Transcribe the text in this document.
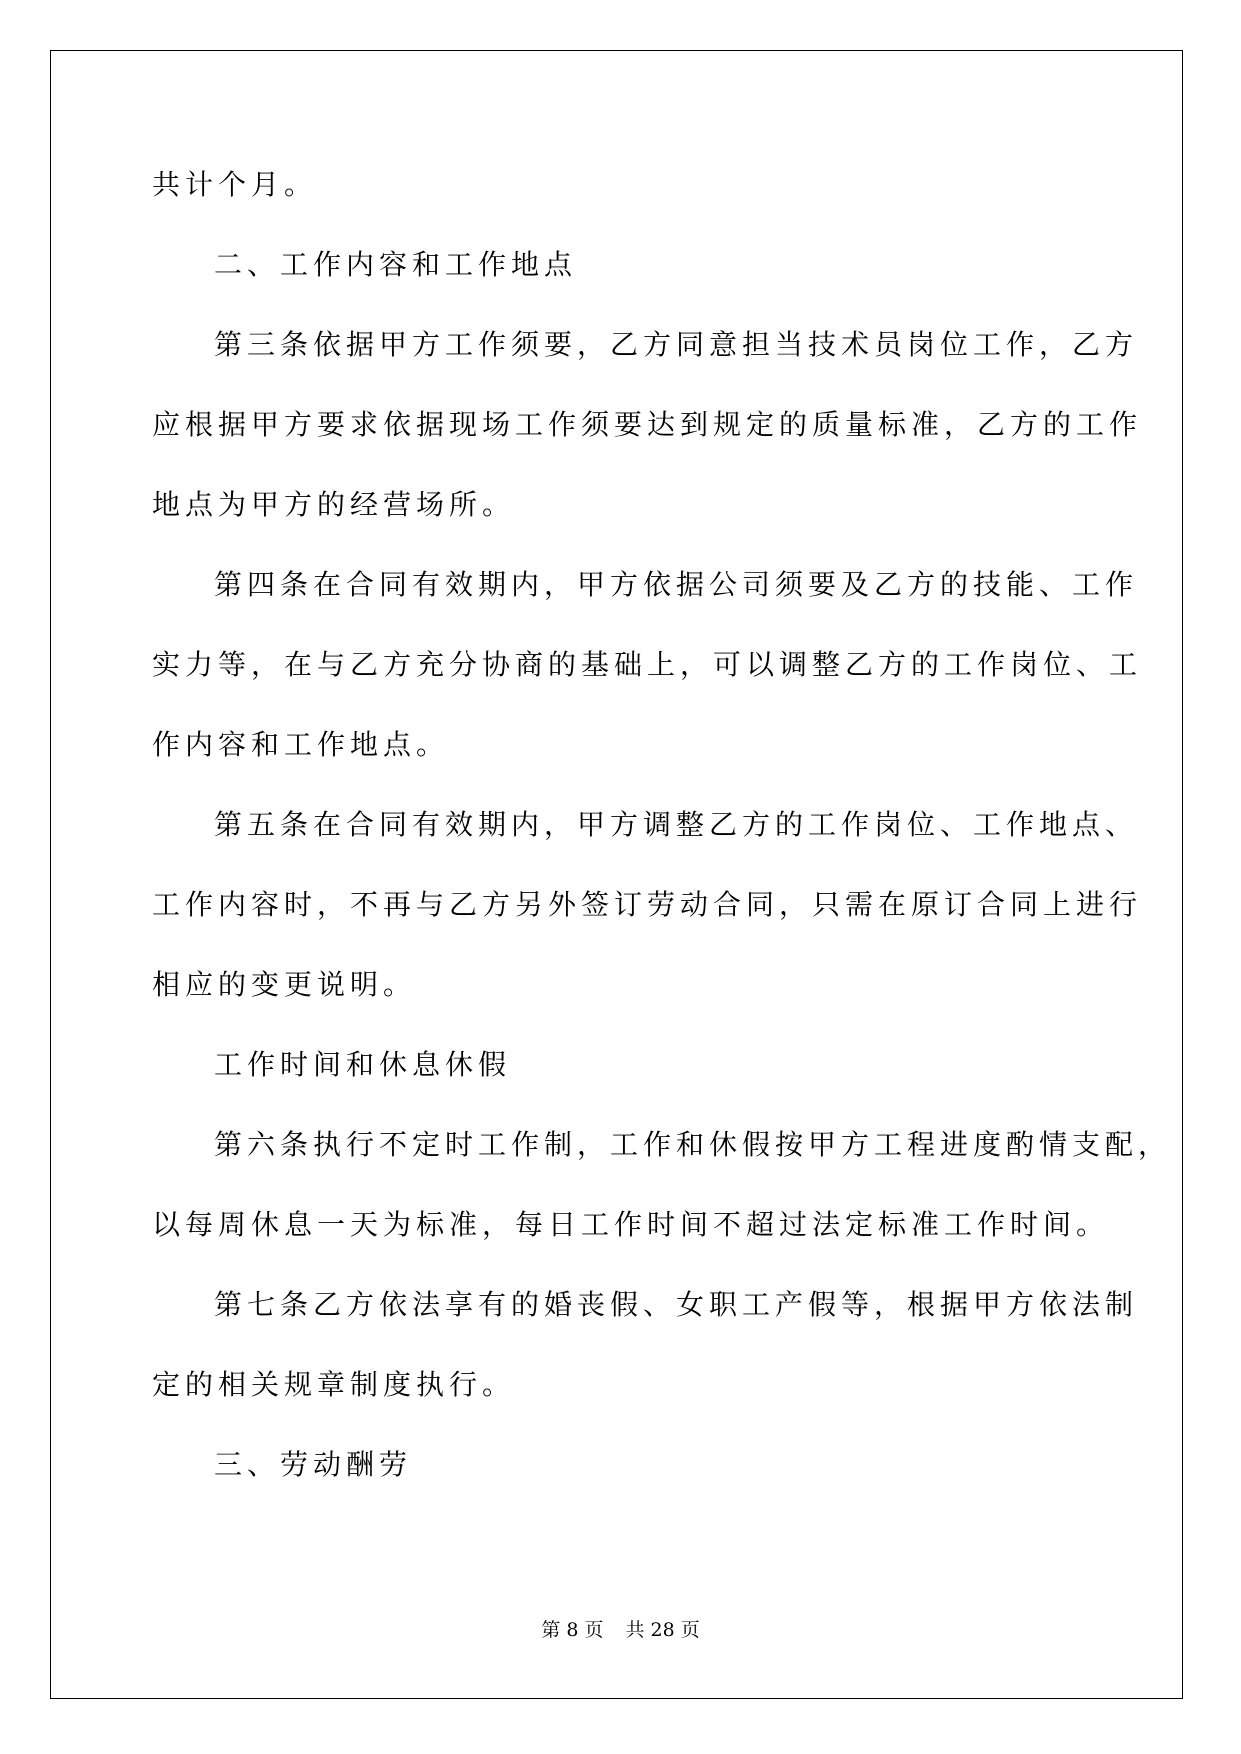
共计个月。
二、工作内容和工作地点
第三条依据甲方工作须要，乙方同意担当技术员岗位工作，乙方
应根据甲方要求依据现场工作须要达到规定的质量标准，乙方的工作
地点为甲方的经营场所。
第四条在合同有效期内，甲方依据公司须要及乙方的技能、工作
实力等，在与乙方充分协商的基础上，可以调整乙方的工作岗位、工
作内容和工作地点。
第五条在合同有效期内，甲方调整乙方的工作岗位、工作地点、
工作内容时，不再与乙方另外签订劳动合同，只需在原订合同上进行
相应的变更说明。
工作时间和休息休假
第六条执行不定时工作制，工作和休假按甲方工程进度酌情支配，
以每周休息一天为标准，每日工作时间不超过法定标准工作时间。
第七条乙方依法享有的婚丧假、女职工产假等，根据甲方依法制
定的相关规章制度执行。
三、劳动酬劳
第 8 页 共 28 页
